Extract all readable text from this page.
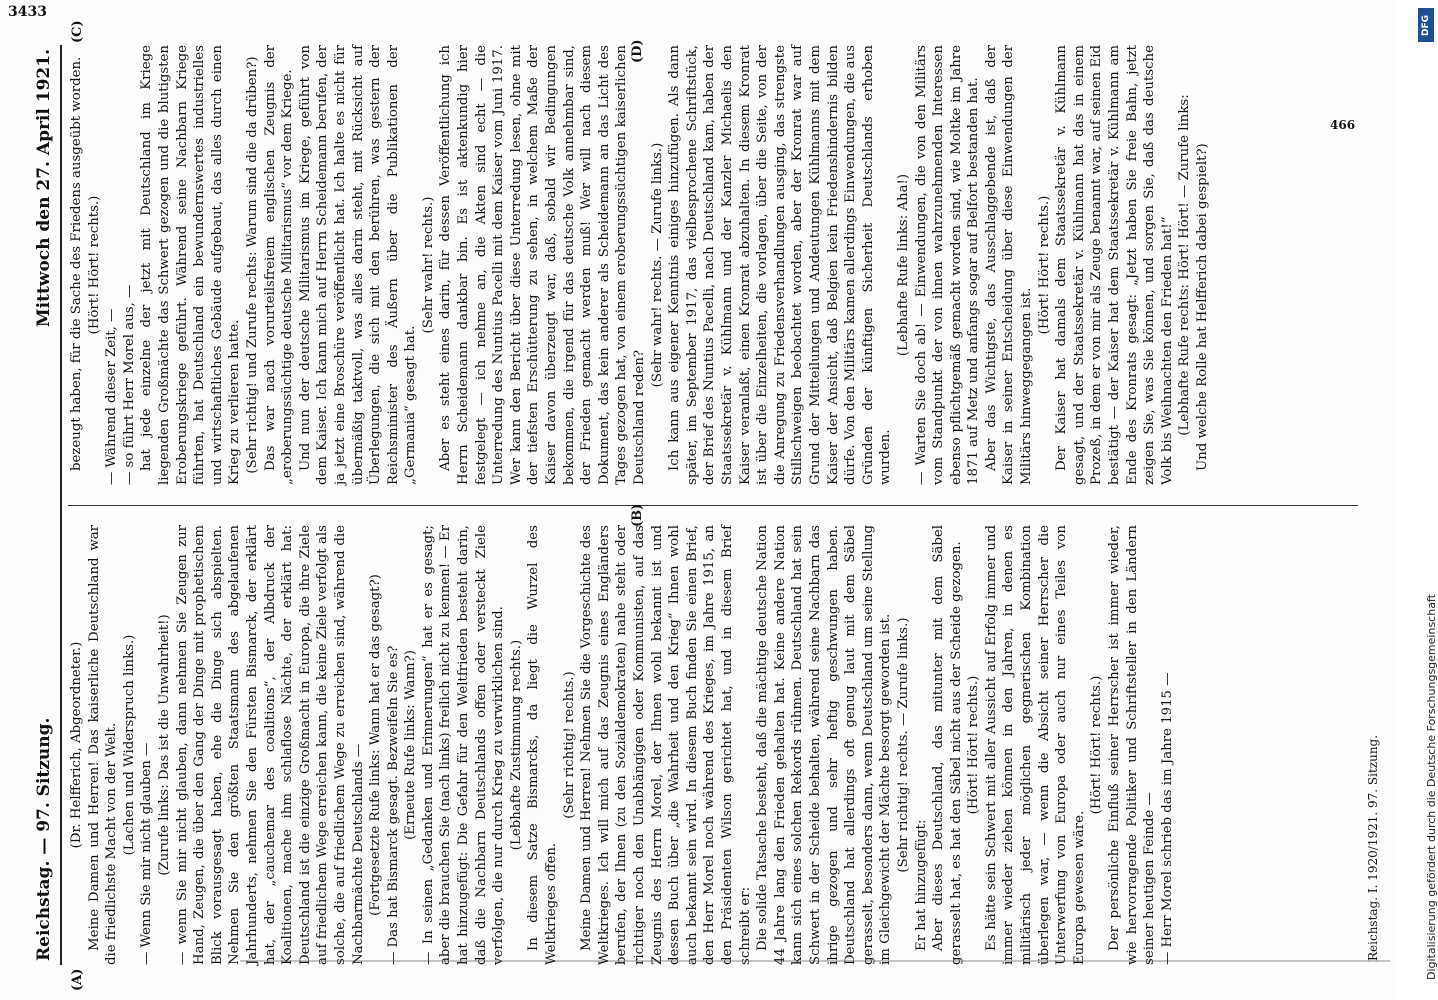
Reichstag. — 97. Sitzung.
Mittwoch den 27. April 1921.

(Dr. Helfferich, Abgeordneter.) Meine Damen und Herren! Das kaiserliche Deutschland war die friedlichste Macht von der Welt. (Lachen und Widerspruch links.) — Wenn Sie mir nicht glauben — (Zurufe links: Das ist die Unwahrheit!) — wenn Sie mir nicht glauben, dann nehmen Sie Zeugen zur Hand, Zeugen, die über den Gang der Dinge mit prophetischem Blick vorausgesagt haben, ehe die Dinge sich abspielten. Nehmen Sie den größten Staatsmann des abgelaufenen Jahrhunderts, nehmen Sie den Fürsten Bismarck, der erklärt hat, der „cauchemar des coalitions“, der Albdruck der Koalitionen, mache ihm schlaflose Nächte, der erklärt hat: Deutschland ist die einzige Großmacht in Europa, die ihre Ziele auf friedlichem Wege erreichen kann, die keine Ziele verfolgt als solche, die auf friedlichem Wege zu erreichen sind, während die Nachbarmächte Deutschlands — (Fortgesetzte Rufe links: Wann hat er das gesagt?) — Das hat Bismarck gesagt. Bezweifeln Sie es? (Erneute Rufe links: Wann?) — In seinen „Gedanken und Erinnerungen“ hat er es gesagt; aber die brauchen Sie (nach links) freilich nicht zu kennen! — Er hat hinzugefügt: Die Gefahr für den Weltfrieden besteht darin, daß die Nachbarn Deutschlands offen oder versteckt Ziele verfolgen, die nur durch Krieg zu verwirklichen sind. (Lebhafte Zustimmung rechts.) In diesem Satze Bismarcks, da liegt die Wurzel des Weltkrieges offen.

(Sehr richtig! rechts.) Meine Damen und Herren! Nehmen Sie die Vorgeschichte des Weltkrieges. Ich will mich auf das Zeugnis eines Engländers berufen, der Ihnen (zu den Sozialdemokraten) nahe steht oder richtiger noch den Unabhängigen oder Kommunisten, auf das Zeugnis des Herrn Morel, der Ihnen wohl bekannt ist und dessen Buch über „die Wahrheit und den Krieg“ Ihnen wohl auch bekannt sein wird. In diesem Buch finden Sie einen Brief, den Herr Morel noch während des Krieges, im Jahre 1915, an den Präsidenten Wilson gerichtet hat, und in diesem Brief schreibt er: Die solide Tatsache besteht, daß die mächtige deutsche Nation 44 Jahre lang den Frieden gehalten hat. Keine andere Nation kann sich eines solchen Rekords rühmen. Deutschland hat sein Schwert in der Scheide behalten, während seine Nachbarn das ihrige gezogen und sehr heftig geschwungen haben. Deutschland hat allerdings oft genug laut mit dem Säbel gerasselt, besonders dann, wenn Deutschland um seine Stellung im Gleichgewicht der Mächte besorgt geworden ist. (Sehr richtig! rechts. — Zurufe links.)

Er hat hinzugefügt: Aber dieses Deutschland, das mitunter mit dem Säbel gerasselt hat, es hat den Säbel nicht aus der Scheide gezogen. (Hört! Hört! rechts.) Es hätte sein Schwert mit aller Aussicht auf Erfolg immer und immer wieder ziehen können in den Jahren, in denen es militärisch jeder möglichen gegnerischen Kombination überlegen war, — wenn die Absicht seiner Herrscher die Unterwerfung von Europa oder auch nur eines Teiles von Europa gewesen wäre.

(Hört! Hört! rechts.) Der persönliche Einfluß seiner Herrscher ist immer wieder, wie hervorragende Politiker und Schriftsteller in den Ländern seiner heutigen Feinde — — Herr Morel schrieb das im Jahre 1915 —

bezeugt haben, für die Sache des Friedens ausgeübt worden. (Hört! Hört! rechts.)

— Während dieser Zeit, — — so führt Herr Morel aus, — hat jede einzelne der jetzt mit Deutschland im Kriege liegenden Großmächte das Schwert gezogen und die blutigsten Eroberungskriege geführt. Während seine Nachbarn Kriege führten, hat Deutschland ein bewundernswertes industrielles und wirtschaftliches Gebäude aufgebaut, das alles durch einen Krieg zu verlieren hatte. (Sehr richtig! und Zurufe rechts: Warum sind die da drüben?) Das war nach vorurteilsfreiem englischen Zeugnis der „eroberungssüchtige deutsche Militarismus“ vor dem Kriege. Und nun der deutsche Militarismus im Kriege, geführt von dem Kaiser. Ich kann mich auf Herrn Scheidemann berufen, der ja jetzt eine Broschüre veröffentlicht hat. Ich halte es nicht für übermäßig taktvoll, was alles darin steht, mit Rücksicht auf Überlegungen, die sich mit den berühren, was gestern der Reichsminister des Äußern über die Publikationen der „Germania“ gesagt hat.

(Sehr wahr! rechts.) Aber es steht eines darin, für dessen Veröffentlichung ich Herrn Scheidemann dankbar bin. Es ist aktenkundig hier festgelegt — ich nehme an, die Akten sind echt — die Unterredung des Nuntius Pacelli mit dem Kaiser vom Juni 1917. Wer kann den Bericht über diese Unterredung lesen, ohne mit der tiefsten Erschütterung zu sehen, in welchem Maße der Kaiser davon überzeugt war, daß, sobald wir Bedingungen bekommen, die irgend für das deutsche Volk annehmbar sind, der Frieden gemacht werden muß! Wer will nach diesem Dokument, das kein anderer als Scheidemann an das Licht des Tages gezogen hat, von einem eroberungssüchtigen kaiserlichen Deutschland reden?

(Sehr wahr! rechts. — Zurufe links.) Ich kann aus eigener Kenntnis einiges hinzufügen. Als dann später, im September 1917, das vielbesprochene Schriftstück, der Brief des Nuntius Pacelli, nach Deutschland kam, haben der Staatssekretär v. Kühlmann und der Kanzler Michaelis den Kaiser veranlaßt, einen Kronrat abzuhalten. In diesem Kronrat ist über die Einzelheiten, die vorlagen, über die Seite, von der die Anregung zu Friedensverhandlungen ausging, das strengste Stillschweigen beobachtet worden, aber der Kronrat war auf Grund der Mitteilungen und Andeutungen Kühlmanns mit dem Kaiser der Ansicht, daß Belgien kein Friedenshindernis bilden dürfe. Von den Militärs kamen allerdings Einwendungen, die aus Gründen der künftigen Sicherheit Deutschlands erhoben wurden.

(Lebhafte Rufe links: Aha!) — Warten Sie doch ab! — Einwendungen, die von den Militärs vom Standpunkt der von ihnen wahrzunehmenden Interessen ebenso pflichtgemäß gemacht worden sind, wie Moltke im Jahre 1871 auf Metz und anfangs sogar auf Belfort bestanden hat. Aber das Wichtigste, das Ausschlaggebende ist, daß der Kaiser in seiner Entscheidung über diese Einwendungen der Militärs hinweggegangen ist.

(Hört! Hört! rechts.) Der Kaiser hat damals dem Staatssekretär v. Kühlmann gesagt, und der Staatssekretär v. Kühlmann hat das in einem Prozeß, in dem er von mir als Zeuge benannt war, auf seinen Eid bestätigt — der Kaiser hat dem Staatssekretär v. Kühlmann am Ende des Kronrats gesagt: „Jetzt haben Sie freie Bahn, jetzt zeigen Sie, was Sie können, und sorgen Sie, daß das deutsche Volk bis Weihnachten den Frieden hat!“ (Lebhafte Rufe rechts: Hört! Hört! — Zurufe links: Und welche Rolle hat Helfferich dabei gespielt?)

(A)
(B)
(C)
(D)
Reichstag. I. 1920/1921. 97. Sitzung.
3433
466
DFG
Digitalisierung gefördert durch die Deutsche Forschungsgemeinschaft
